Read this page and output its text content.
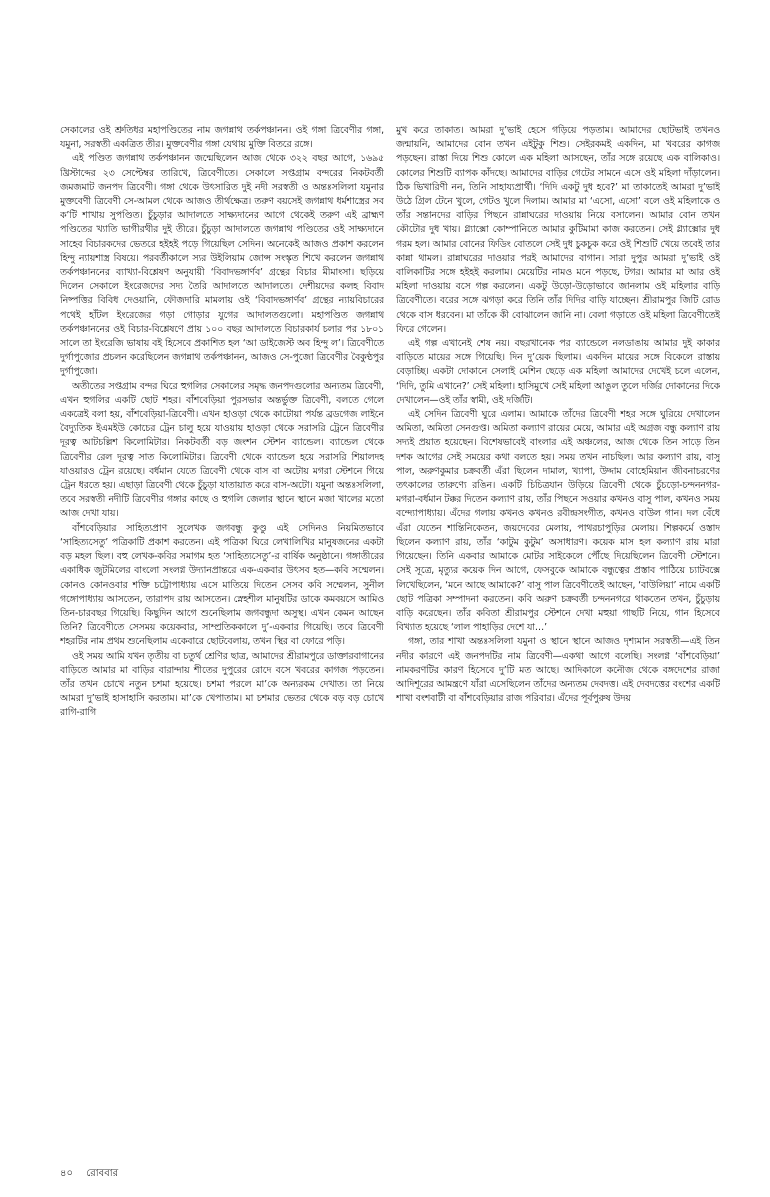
সেকালের ওই শ্রুতিধর মহাপণ্ডিতের নাম জগন্নাথ তর্কপঞ্চানন। ওই গঙ্গা ত্রিবেণীর গঙ্গা, যমুনা, সরস্বতী একত্রিত তীর। মুক্তবেণীর গঙ্গা যেথায় মুক্তি বিতরে রঙ্গে।

এই পণ্ডিত জগন্নাথ তর্কপঞ্চানন জন্মেছিলেন আজ থেকে ৩২২ বছর আগে, ১৬৯৫ খ্রিস্টাব্দের ২৩ সেপ্টেম্বর তারিখে, ত্রিবেণীতে। সেকালে সপ্তগ্রাম বন্দরের নিকটবর্তী জমজমাট জনপদ ত্রিবেণী। গঙ্গা থেকে উৎসারিত দুই নদী সরস্বতী ও অন্তঃসলিলা যমুনার মুক্তবেণী ত্রিবেণী সে-আমল থেকে আজও তীর্থক্ষেত্র। তরুণ বয়সেই জগন্নাথ ধর্মশাস্ত্রের সব ক’টি শাখায় সুপণ্ডিত। চুঁচুড়ার আদালতে সাক্ষ্যদানের আগে থেকেই তরুণ এই ব্রাহ্মণ পণ্ডিতের খ্যাতি ভাগীরথীর দুই তীরে। চুঁচুড়া আদালতে জগন্নাথ পণ্ডিতের ওই সাক্ষ্যদানে সাহেব বিচারকদের ভেতরে হইহই পড়ে গিয়েছিল সেদিন। অনেকেই আজও প্রকাশ করলেন হিন্দু ন্যায়শাস্ত্র বিষয়ে। পরবর্তীকালে স্যর উইলিয়াম জোন্স সংস্কৃত শিখে করলেন জগন্নাথ তর্কপঞ্চাননের ব্যাখ্যা-বিশ্লেষণ অনুযায়ী ‘বিবাদভঙ্গার্ণব’ গ্রন্থের বিচার মীমাংসা। ছড়িয়ে দিলেন সেকালে ইংরেজদের সদ্য তৈরি আদালতে আদালতে। দেশীয়দের কলহ বিবাদ নিষ্পত্তির বিবিধ দেওয়ানি, ফৌজদারি মামলায় ওই ‘বিবাদভঙ্গার্ণব’ গ্রন্থের ন্যায়বিচারের পথেই হাঁটল ইংরেজের গড়া গোড়ার যুগের আদালতগুলো। মহাপণ্ডিত জগন্নাথ তর্কপঞ্চাননের ওই বিচার-বিশ্লেষণে প্রায় ১০০ বছর আদালতে বিচারকার্য চলার পর ১৮০১ সালে তা ইংরেজি ভাষায় বই হিসেবে প্রকাশিত হল ‘আ ডাইজেস্ট অব হিন্দু ল’। ত্রিবেণীতে দুর্গাপুজোর প্রচলন করেছিলেন জগন্নাথ তর্কপঞ্চানন, আজও সে-পুজো ত্রিবেণীর বৈকুণ্ঠপুর দুর্গাপুজো।

অতীতের সপ্তগ্রাম বন্দর ঘিরে হুগলির সেকালের সমৃদ্ধ জনপদগুলোর অন্যতম ত্রিবেণী, এখন হুগলির একটি ছোট শহর। বাঁশবেড়িয়া পুরসভার অন্তর্ভুক্ত ত্রিবেণী, বলতে গেলে একত্রেই বলা হয়, বাঁশবেড়িয়া-ত্রিবেণী। এখন হাওড়া থেকে কাটোয়া পর্যন্ত ব্রডগেজ লাইনে বৈদ্যুতিক ইএমইউ কোচের ট্রেন চালু হয়ে যাওয়ায় হাওড়া থেকে সরাসরি ট্রেনে ত্রিবেণীর দূরত্ব আটচল্লিশ কিলোমিটার। নিকটবর্তী বড় জংশন স্টেশন ব্যান্ডেল। ব্যান্ডেল থেকে ত্রিবেণীর রেল দূরত্ব সাত কিলোমিটার। ত্রিবেণী থেকে ব্যান্ডেল হয়ে সরাসরি শিয়ালদহ যাওয়ারও ট্রেন রয়েছে। বর্ধমান যেতে ত্রিবেণী থেকে বাস বা অটোয় মগরা স্টেশনে গিয়ে ট্রেন ধরতে হয়। এছাড়া ত্রিবেণী থেকে চুঁচুড়া যাতায়াত করে বাস-অটো। যমুনা অন্তঃসলিলা, তবে সরস্বতী নদীটি ত্রিবেণীর গঙ্গার কাছে ও হুগলি জেলার স্থানে স্থানে মজা খালের মতো আজ দেখা যায়।

বাঁশবেড়িয়ার সাহিত্যপ্রাণ সুলেখক জগবন্ধু কুণ্ডু এই সেদিনও নিয়মিতভাবে ‘সাহিত্যসেতু’ পত্রিকাটি প্রকাশ করতেন। এই পত্রিকা ঘিরে লেখালিখির মানুষজনের একটা বড় মহল ছিল। বহু লেখক-কবির সমাগম হত ‘সাহিত্যসেতু’-র বার্ষিক অনুষ্ঠানে। গঙ্গাতীরের একাধিক জুটমিলের বাংলো সংলগ্ন উদ্যানপ্রান্তরে এক-একবার উৎসব হত—কবি সম্মেলন। কোনও কোনওবার শক্তি চট্টোপাধ্যায় এসে মাতিয়ে দিতেন সেসব কবি সম্মেলন, সুনীল গঙ্গোপাধ্যায় আসতেন, তারাপদ রায় আসতেন। স্নেহশীল মানুষটির ডাকে কমবয়সে আমিও তিন-চারবছর গিয়েছি। কিছুদিন আগে শুনেছিলাম জগবন্ধুদা অসুস্থ। এখন কেমন আছেন তিনি? ত্রিবেণীতে সেসময় কয়েকবার, সাম্প্রতিককালে দু’-একবার গিয়েছি। তবে ত্রিবেণী শহরটির নাম প্রথম শুনেছিলাম একেবারে ছোটবেলায়, তখন স্থির বা ফোরে পড়ি।

ওই সময় আমি যখন তৃতীয় বা চতুর্থ শ্রেণির ছাত্র, আমাদের শ্রীরামপুরে ডাক্তারবাগানের বাড়িতে আমার মা বাড়ির বারান্দায় শীতের দুপুরের রোদে বসে খবরের কাগজ পড়তেন। তাঁর তখন চোখে নতুন চশমা হয়েছে। চশমা পরলে মা’কে অন্যরকম দেখাত। তা নিয়ে আমরা দু’ভাই হাসাহাসি করতাম। মা’কে খেপাতাম। মা চশমার ভেতর থেকে বড় বড় চোখে রাগি-রাগি

মুখ করে তাকাত। আমরা দু’ভাই হেসে গড়িয়ে পড়তাম। আমাদের ছোটভাই তখনও জন্মায়নি, আমাদের বোন তখন এইটুকু শিশু। সেইরকমই একদিন, মা খবরের কাগজ পড়ছেন। রাস্তা দিয়ে শিশু কোলে এক মহিলা আসছেন, তাঁর সঙ্গে রয়েছে এক বালিকাও। কোলের শিশুটি ব্যাপক কাঁদছে। আমাদের বাড়ির গেটের সামনে এসে ওই মহিলা দাঁড়ালেন। ঠিক ভিখারিণী নন, তিনি সাহায্যপ্রার্থী। ‘দিদি একটু দুধ হবে?’ মা তাকাতেই আমরা দু’ভাই উঠে গ্রিল টেনে খুলে, গেটও খুলে দিলাম। আমার মা ‘এসো, এসো’ বলে ওই মহিলাকে ও তাঁর সন্তানদের বাড়ির পিছনে রান্নাঘরের দাওয়ায় নিয়ে বসালেন। আমার বোন তখন কৌটোর দুধ খায়। গ্ল্যাক্সো কোম্পানিতে আমার কুটিমামা কাজ করতেন। সেই গ্ল্যাক্সোর দুধ গরম হল। আমার বোনের ফিডিং বোতলে সেই দুধ চুকচুক করে ওই শিশুটি খেয়ে তবেই তার কান্না থামল। রান্নাঘরের দাওয়ার পরই আমাদের বাগান। সারা দুপুর আমরা দু’ভাই ওই বালিকাটির সঙ্গে হইহই করলাম। মেয়েটির নামও মনে পড়ছে, টগর। আমার মা আর ওই মহিলা দাওয়ায় বসে গল্প করলেন। একটু উড়ো-উড়োভাবে জানলাম ওই মহিলার বাড়ি ত্রিবেণীতে। বরের সঙ্গে ঝগড়া করে তিনি তাঁর দিদির বাড়ি যাচ্ছেন। শ্রীরামপুর জিটি রোড থেকে বাস ধরবেন। মা তাঁকে কী বোঝালেন জানি না। বেলা গড়াতে ওই মহিলা ত্রিবেণীতেই ফিরে গেলেন।

এই গল্প এখানেই শেষ নয়। বছরখানেক পর ব্যান্ডেলে নলডাঙায় আমার দুই কাকার বাড়িতে মায়ের সঙ্গে গিয়েছি। দিন দু’য়েক ছিলাম। একদিন মায়ের সঙ্গে বিকেলে রাস্তায় বেড়াচ্ছি। একটা দোকানে সেলাই মেশিন ছেড়ে এক মহিলা আমাদের দেখেই চলে এলেন, ‘দিদি, তুমি এখানে?’ সেই মহিলা। হাসিমুখে সেই মহিলা আঙুল তুলে দর্জির দোকানের দিকে দেখালেন—ওই তাঁর স্বামী, ওই দর্জিটি।

এই সেদিন ত্রিবেণী ঘুরে এলাম। আমাকে তাঁদের ত্রিবেণী শহর সঙ্গে ঘুরিয়ে দেখালেন অমিতা, অমিতা সেনগুপ্ত। অমিতা কল্যাণ রায়ের মেয়ে, আমার এই অগ্রজ বন্ধু কল্যাণ রায় সদ্যই প্রয়াত হয়েছেন। বিশেষভাবেই বাংলার এই অঞ্চলের, আজ থেকে তিন সাড়ে তিন দশক আগের সেই সময়ের কথা বলতে হয়। সময় তখন নাচছিল। আর কল্যাণ রায়, বাসু পাল, অরুণকুমার চক্রবর্তী এঁরা ছিলেন দামাল, খ্যাপা, উদ্দাম বোহেমিয়ান জীবনাচরণের তৎকালের তারুণ্যে রঙিন। একটি চিচিত্রযান উড়িয়ে ত্রিবেণী থেকে চুঁচড়ো-চন্দননগর-মগরা-বর্ধমান টক্কর দিতেন কল্যাণ রায়, তাঁর পিছনে সওয়ার কখনও বাসু পাল, কখনও সময় বন্দ্যোপাধ্যায়। এঁদের গলায় কখনও কখনও রবীন্দ্রসংগীত, কখনও বাউল গান। দল বেঁধে এঁরা যেতেন শান্তিনিকেতন, জয়দেবের মেলায়, পাথরচাপুড়ির মেলায়। শিল্পকর্মে ওস্তাদ ছিলেন কল্যাণ রায়, তাঁর ‘কাটুম কুটুম’ অসাধারণ। কয়েক মাস হল কল্যাণ রায় মারা গিয়েছেন। তিনি একবার আমাকে মোটর সাইকেলে পৌঁছে দিয়েছিলেন ত্রিবেণী স্টেশনে। সেই সূত্রে, মৃত্যুর কয়েক দিন আগে, ফেসবুকে আমাকে বন্ধুত্বের প্রস্তাব পাঠিয়ে চ্যাটবক্সে লিখেছিলেন, ‘মনে আছে আমাকে?’ বাসু পাল ত্রিবেণীতেই আছেন, ‘বাউলিয়া’ নামে একটি ছোট পত্রিকা সম্পাদনা করতেন। কবি অরুণ চক্রবর্তী চন্দননগরে থাকতেন তখন, চুঁচুড়ায় বাড়ি করেছেন। তাঁর কবিতা শ্রীরামপুর স্টেশনে দেখা মহুয়া গাছটি নিয়ে, গান হিসেবে বিখ্যাত হয়েছে ‘লাল পাহাড়ির দেশে যা…’

গঙ্গা, তার শাখা অন্তঃসলিলা যমুনা ও স্থানে স্থানে আজও দৃশ্যমান সরস্বতী—এই তিন নদীর কারণে এই জনপদটির নাম ত্রিবেণী—একথা আগে বলেছি। সংলগ্ন ‘বাঁশবেড়িয়া’ নামকরণটির কারণ হিসেবে দু’টি মত আছে। আদিকালে কনৌজ থেকে বঙ্গদেশের রাজা আদিশূরের আমন্ত্রণে যাঁরা এসেছিলেন তাঁদের অন্যতম দেবদত্ত। এই দেবদত্তের বংশের একটি শাখা বংশবাটী বা বাঁশবেড়িয়ার রাজ পরিবার। এঁদের পূর্বপুরুষ উদয়

৪০ রোববার
